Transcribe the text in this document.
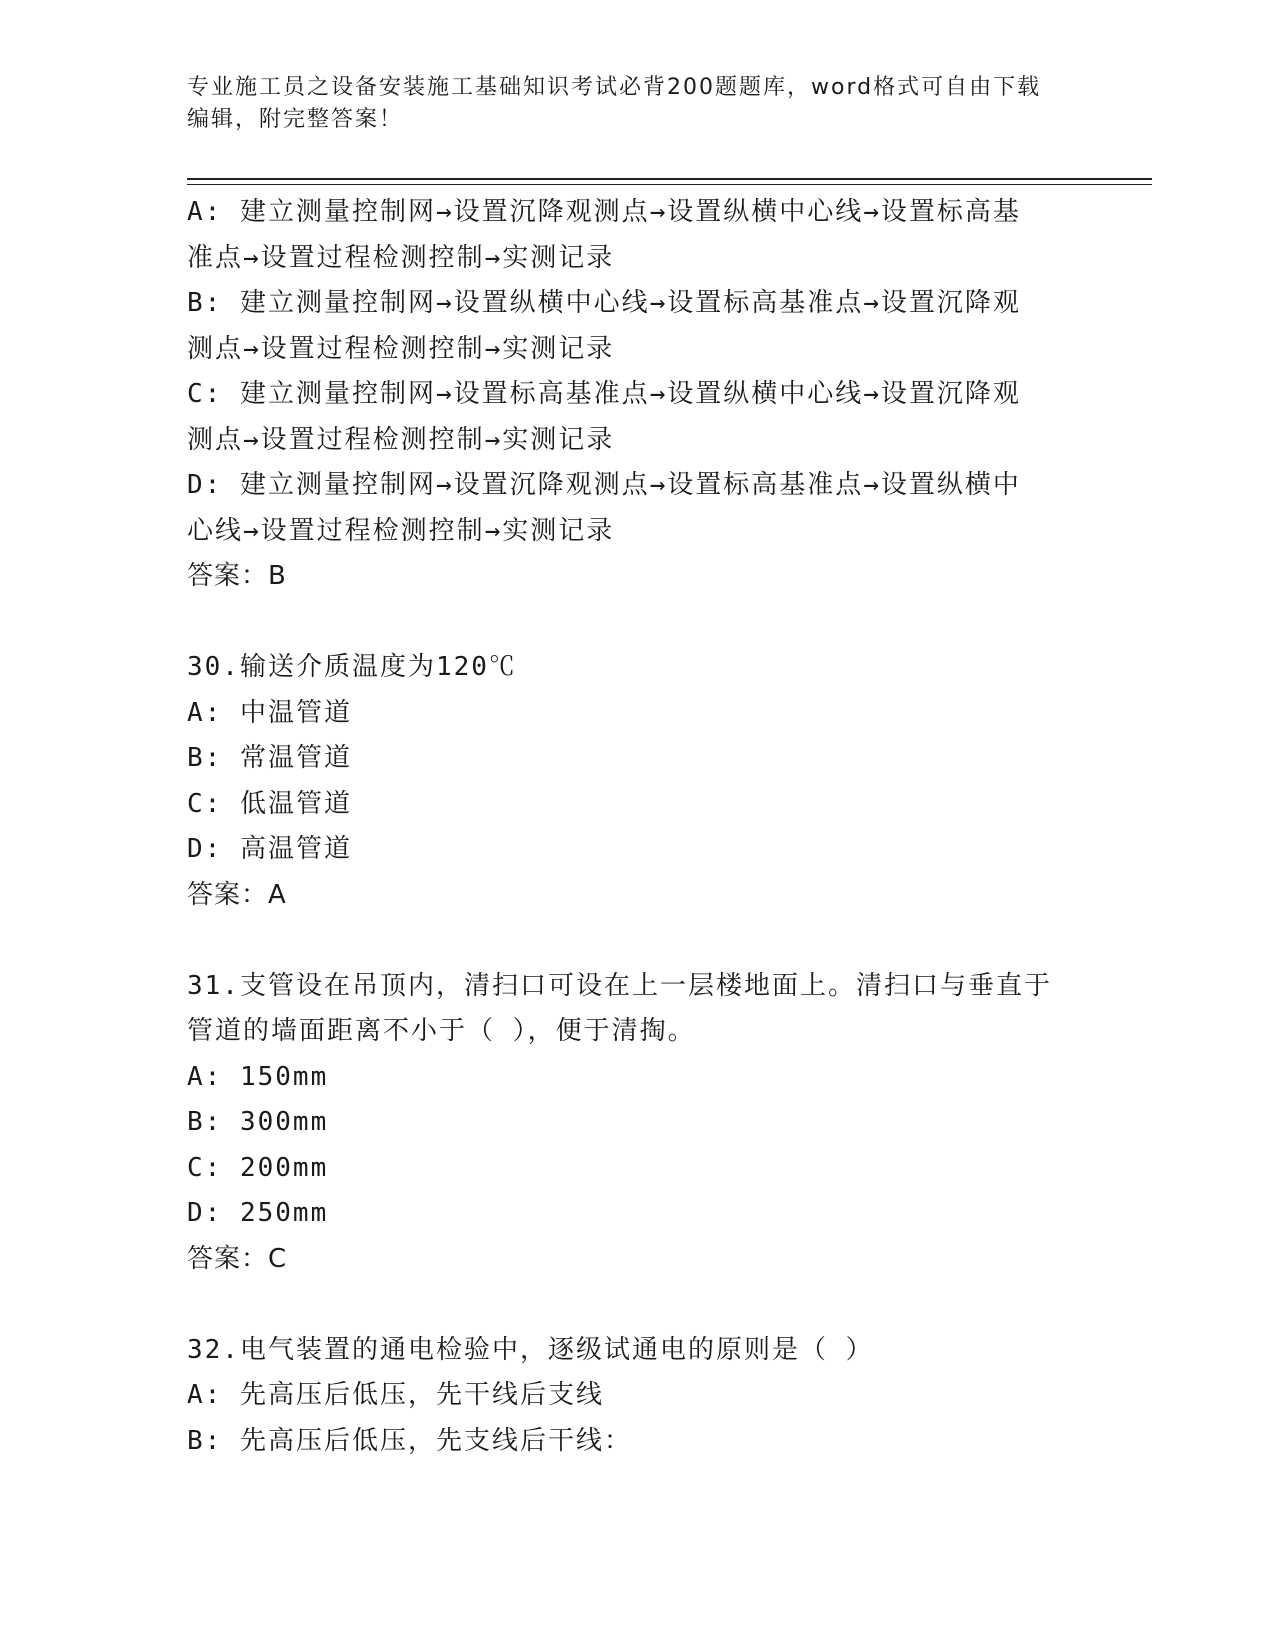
专业施工员之设备安装施工基础知识考试必背200题题库，word格式可自由下载
编辑，附完整答案！
A: 建立测量控制网→设置沉降观测点→设置纵横中心线→设置标高基
准点→设置过程检测控制→实测记录
B: 建立测量控制网→设置纵横中心线→设置标高基准点→设置沉降观
测点→设置过程检测控制→实测记录
C: 建立测量控制网→设置标高基准点→设置纵横中心线→设置沉降观
测点→设置过程检测控制→实测记录
D: 建立测量控制网→设置沉降观测点→设置标高基准点→设置纵横中
心线→设置过程检测控制→实测记录
答案：B
30.输送介质温度为120℃
A: 中温管道
B: 常温管道
C: 低温管道
D: 高温管道
答案：A
31.支管设在吊顶内，清扫口可设在上一层楼地面上。清扫口与垂直于
管道的墙面距离不小于（ ），便于清掏。
A: 150mm
B: 300mm
C: 200mm
D: 250mm
答案：C
32.电气装置的通电检验中，逐级试通电的原则是（ ）
A: 先高压后低压，先干线后支线
B: 先高压后低压，先支线后干线：
